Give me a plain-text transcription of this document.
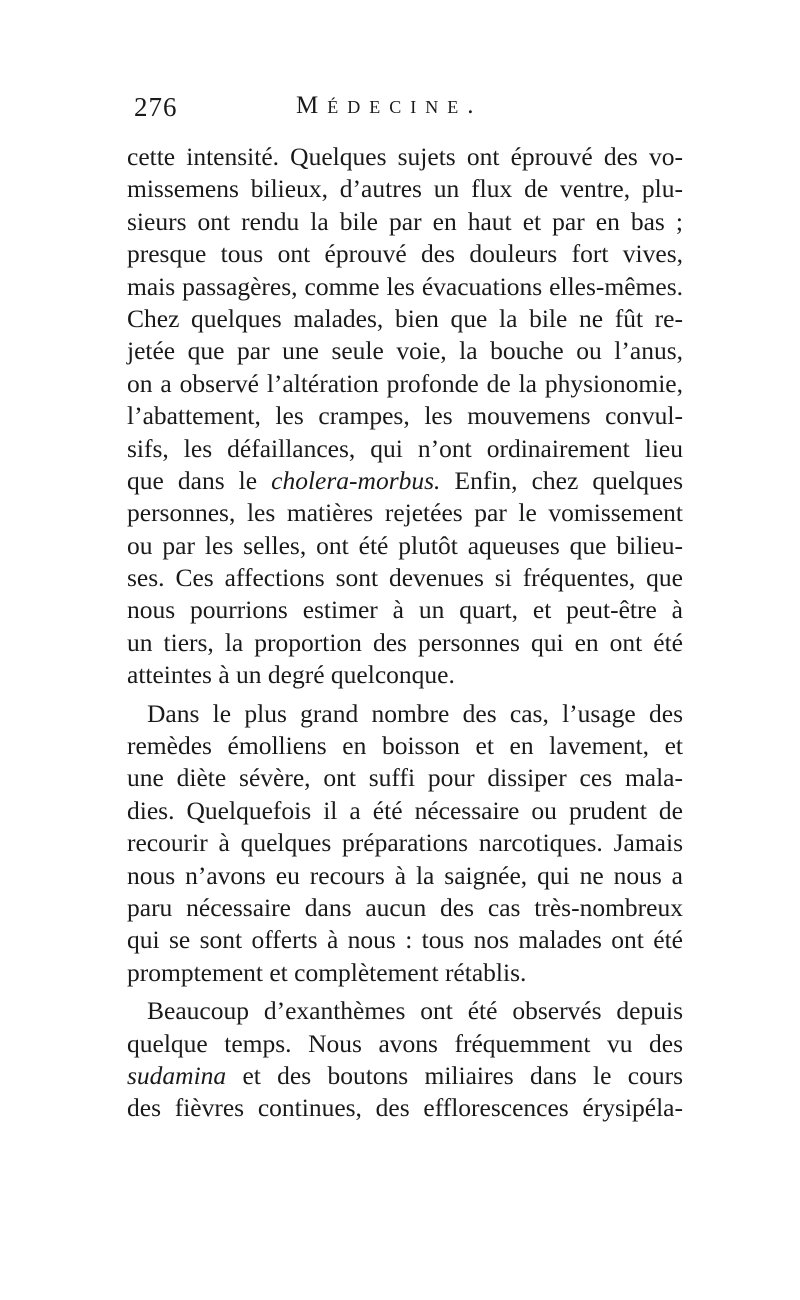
276	Médecine.
cette intensité. Quelques sujets ont éprouvé des vo-
missemens bilieux, d’autres un flux de ventre, plu-
sieurs ont rendu la bile par en haut et par en bas ;
presque tous ont éprouvé des douleurs fort vives,
mais passagères, comme les évacuations elles-mêmes.
Chez quelques malades, bien que la bile ne fût re-
jetée que par une seule voie, la bouche ou l’anus,
on a observé l’altération profonde de la physionomie,
l’abattement, les crampes, les mouvemens convul-
sifs, les défaillances, qui n’ont ordinairement lieu
que dans le cholera-morbus. Enfin, chez quelques
personnes, les matières rejetées par le vomissement
ou par les selles, ont été plutôt aqueuses que bilieu-
ses. Ces affections sont devenues si fréquentes, que
nous pourrions estimer à un quart, et peut-être à
un tiers, la proportion des personnes qui en ont été
atteintes à un degré quelconque.
Dans le plus grand nombre des cas, l’usage des
remèdes émolliens en boisson et en lavement, et
une diète sévère, ont suffi pour dissiper ces mala-
dies. Quelquefois il a été nécessaire ou prudent de
recourir à quelques préparations narcotiques. Jamais
nous n’avons eu recours à la saignée, qui ne nous a
paru nécessaire dans aucun des cas très-nombreux
qui se sont offerts à nous : tous nos malades ont été
promptement et complètement rétablis.
Beaucoup d’exanthèmes ont été observés depuis
quelque temps. Nous avons fréquemment vu des
sudamina et des boutons miliaires dans le cours
des fièvres continues, des efflorescences érysipéla-
